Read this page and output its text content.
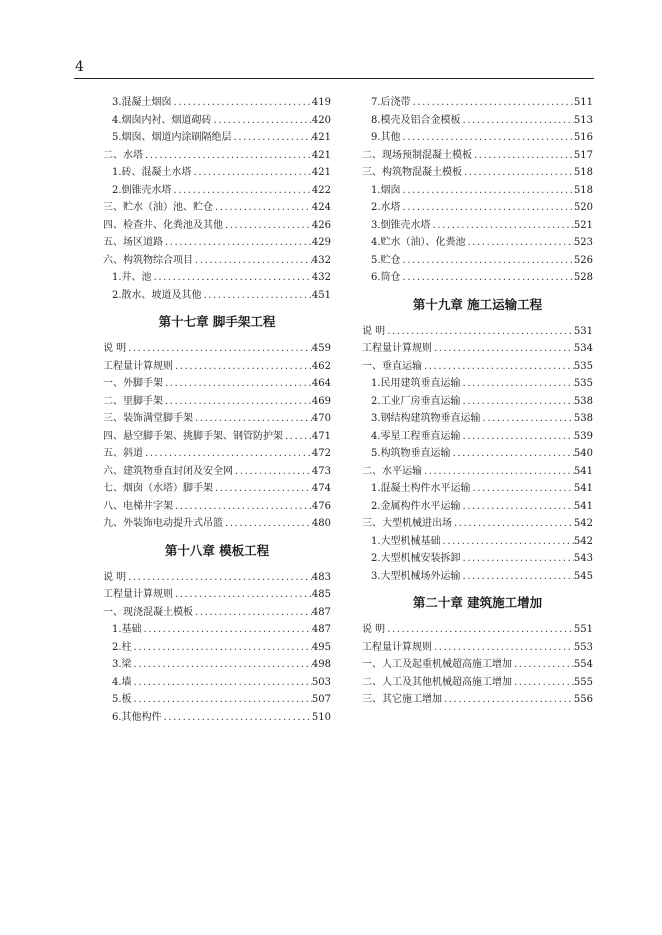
4
3.混凝土烟囱 .....	419
4.烟囱内衬、烟道砌砖 .....	420
5.烟囱、烟道内涂刷隔绝层 .....	421
二、水塔 .....	421
1.砖、混凝土水塔 .....	421
2.倒锥壳水塔 .....	422
三、贮水（油）池、贮仓 .....	424
四、检查井、化粪池及其他 .....	426
五、场区道路 .....	429
六、构筑物综合项目 .....	432
1.井、池 .....	432
2.散水、坡道及其他 .....	451
第十七章 脚手架工程
说 明 .....	459
工程量计算规则 .....	462
一、外脚手架 .....	464
二、里脚手架 .....	469
三、装饰满堂脚手架 .....	470
四、悬空脚手架、挑脚手架、钢管防护架 .....	471
五、斜道 .....	472
六、建筑物垂直封闭及安全网 .....	473
七、烟囱（水塔）脚手架 .....	474
八、电梯井字架 .....	476
九、外装饰电动提升式吊篮 .....	480
第十八章 模板工程
说 明 .....	483
工程量计算规则 .....	485
一、现浇混凝土模板 .....	487
1.基础 .....	487
2.柱 .....	495
3.梁 .....	498
4.墙 .....	503
5.板 .....	507
6.其他构件 .....	510
7.后浇带 .....	511
8.模壳及铝合金模板 .....	513
9.其他 .....	516
二、现场预制混凝土模板 .....	517
三、构筑物混凝土模板 .....	518
1.烟囱 .....	518
2.水塔 .....	520
3.倒锥壳水塔 .....	521
4.贮水（油）、化粪池 .....	523
5.贮仓 .....	526
6.筒仓 .....	528
第十九章 施工运输工程
说 明 .....	531
工程量计算规则 .....	534
一、垂直运输 .....	535
1.民用建筑垂直运输 .....	535
2.工业厂房垂直运输 .....	538
3.钢结构建筑物垂直运输 .....	538
4.零星工程垂直运输 .....	539
5.构筑物垂直运输 .....	540
二、水平运输 .....	541
1.混凝土构件水平运输 .....	541
2.金属构件水平运输 .....	541
三、大型机械进出场 .....	542
1.大型机械基础 .....	542
2.大型机械安装拆卸 .....	543
3.大型机械场外运输 .....	545
第二十章 建筑施工增加
说 明 .....	551
工程量计算规则 .....	553
一、人工及起重机械超高施工增加 .....	554
二、人工及其他机械超高施工增加 .....	555
三、其它施工增加 .....	556
